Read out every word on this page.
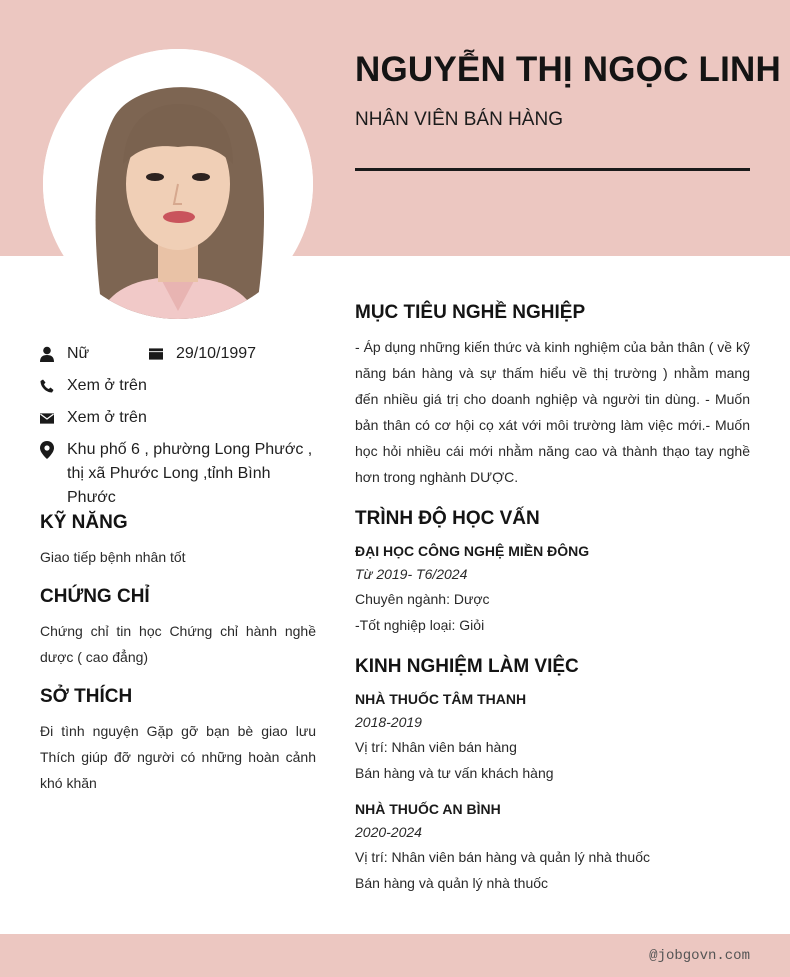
NGUYỄN THỊ NGỌC LINH
NHÂN VIÊN BÁN HÀNG
Nữ	29/10/1997
Xem ở trên
Xem ở trên
Khu phố 6 , phường Long Phước ,
thị xã Phước Long ,tỉnh Bình Phước
KỸ NĂNG
Giao tiếp bệnh nhân tốt
CHỨNG CHỈ
Chứng chỉ tin học Chứng chỉ hành nghề dược ( cao đẳng)
SỞ THÍCH
Đi tình nguyện Gặp gỡ bạn bè giao lưu Thích giúp đỡ người có những hoàn cảnh khó khăn
MỤC TIÊU NGHỀ NGHIỆP
- Áp dụng những kiến thức và kinh nghiệm của bản thân ( về kỹ năng bán hàng và sự thấm hiểu về thị trường ) nhằm mang đến nhiều giá trị cho doanh nghiệp và người tin dùng. - Muốn bản thân có cơ hội cọ xát với môi trường làm việc mới.- Muốn học hỏi nhiều cái mới nhằm năng cao và thành thạo tay nghề hơn trong nghành DƯỢC.
TRÌNH ĐỘ HỌC VẤN
ĐẠI HỌC CÔNG NGHỆ MIỀN ĐÔNG
Từ 2019- T6/2024
Chuyên ngành: Dược
-Tốt nghiệp loại: Giỏi
KINH NGHIỆM LÀM VIỆC
NHÀ THUỐC TÂM THANH
2018-2019
Vị trí: Nhân viên bán hàng
Bán hàng và tư vấn khách hàng
NHÀ THUỐC AN BÌNH
2020-2024
Vị trí: Nhân viên bán hàng và quản lý nhà thuốc
Bán hàng và quản lý nhà thuốc
@jobgovn.com
